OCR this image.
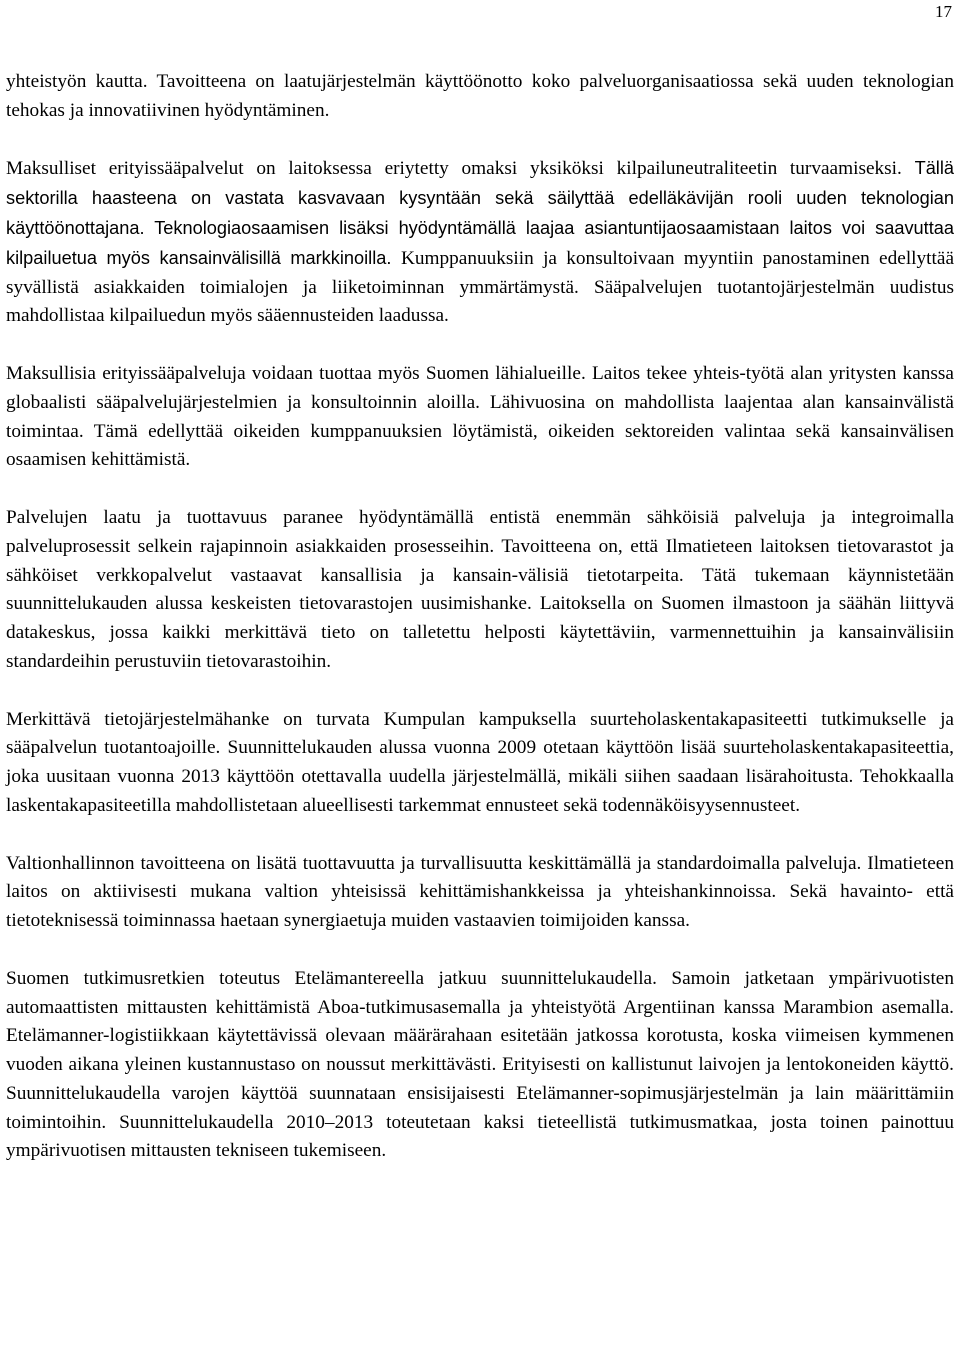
17

yhteistyön kautta. Tavoitteena on laatujärjestelmän käyttöönotto koko palveluorganisaatiossa sekä uuden teknologian tehokas ja innovatiivinen hyödyntäminen.

Maksulliset erityissääpalvelut on laitoksessa eriytetty omaksi yksiköksi kilpailuneutraliteetin turvaamiseksi. Tällä sektorilla haasteena on vastata kasvavaan kysyntään sekä säilyttää edelläkävijän rooli uuden teknologian käyttöönottajana. Teknologiaosaamisen lisäksi hyödyntämällä laajaa asiantuntijaosaamistaan laitos voi saavuttaa kilpailuetua myös kansainvälisillä markkinoilla. Kumppanuuksiin ja konsultoivaan myyntiin panostaminen edellyttää syvällistä asiakkaiden toimialojen ja liiketoiminnan ymmärtämystä. Sääpalvelujen tuotantojärjestelmän uudistus mahdollistaa kilpailuedun myös sääennusteiden laadussa.

Maksullisia erityissääpalveluja voidaan tuottaa myös Suomen lähialueille. Laitos tekee yhteis-työtä alan yritysten kanssa globaalisti sääpalvelujärjestelmien ja konsultoinnin aloilla. Lähivuosina on mahdollista laajentaa alan kansainvälistä toimintaa. Tämä edellyttää oikeiden kumppanuuksien löytämistä, oikeiden sektoreiden valintaa sekä kansainvälisen osaamisen kehittämistä.

Palvelujen laatu ja tuottavuus paranee hyödyntämällä entistä enemmän sähköisiä palveluja ja integroimalla palveluprosessit selkein rajapinnoin asiakkaiden prosesseihin. Tavoitteena on, että Ilmatieteen laitoksen tietovarastot ja sähköiset verkkopalvelut vastaavat kansallisia ja kansain-välisiä tietotarpeita. Tätä tukemaan käynnistetään suunnittelukauden alussa keskeisten tietovarastojen uusimishanke. Laitoksella on Suomen ilmastoon ja säähän liittyvä datakeskus, jossa kaikki merkittävä tieto on talletettu helposti käytettäviin, varmennettuihin ja kansainvälisiin standardeihin perustuviin tietovarastoihin.

Merkittävä tietojärjestelmähanke on turvata Kumpulan kampuksella suurteholaskentakapasiteetti tutkimukselle ja sääpalvelun tuotantoajoille. Suunnittelukauden alussa vuonna 2009 otetaan käyttöön lisää suurteholaskentakapasiteettia, joka uusitaan vuonna 2013 käyttöön otettavalla uudella järjestelmällä, mikäli siihen saadaan lisärahoitusta. Tehokkaalla laskentakapasiteetilla mahdollistetaan alueellisesti tarkemmat ennusteet sekä todennäköisyysennusteet.

Valtionhallinnon tavoitteena on lisätä tuottavuutta ja turvallisuutta keskittämällä ja standardoimalla palveluja. Ilmatieteen laitos on aktiivisesti mukana valtion yhteisissä kehittämishankkeissa ja yhteishankinnoissa. Sekä havainto- että tietoteknisessä toiminnassa haetaan synergiaetuja muiden vastaavien toimijoiden kanssa.

Suomen tutkimusretkien toteutus Etelämantereella jatkuu suunnittelukaudella. Samoin jatketaan ympärivuotisten automaattisten mittausten kehittämistä Aboa-tutkimusasemalla ja yhteistyötä Argentiinan kanssa Marambion asemalla. Etelämanner-logistiikkaan käytettävissä olevaan määrärahaan esitetään jatkossa korotusta, koska viimeisen kymmenen vuoden aikana yleinen kustannustaso on noussut merkittävästi. Erityisesti on kallistunut laivojen ja lentokoneiden käyttö. Suunnittelukaudella varojen käyttöä suunnataan ensisijaisesti Etelämanner-sopimusjärjestelmän ja lain määrittämiin toimintoihin. Suunnittelukaudella 2010–2013 toteutetaan kaksi tieteellistä tutkimusmatkaa, josta toinen painottuu ympärivuotisen mittausten tekniseen tukemiseen.
